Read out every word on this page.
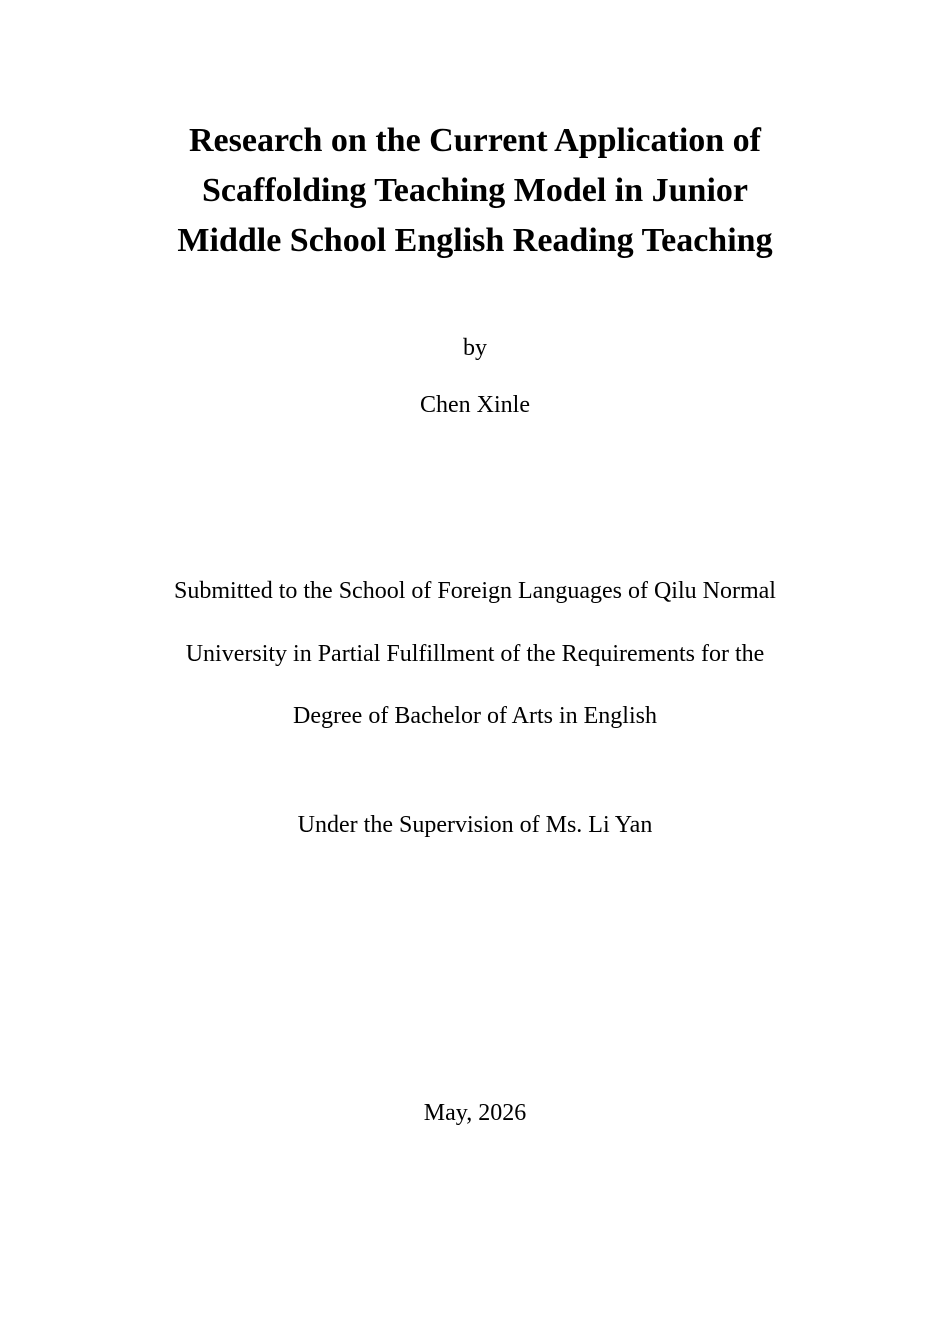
Research on the Current Application of
Scaffolding Teaching Model in Junior
Middle School English Reading Teaching

by

Chen Xinle

Submitted to the School of Foreign Languages of Qilu Normal
University in Partial Fulfillment of the Requirements for the
Degree of Bachelor of Arts in English

Under the Supervision of Ms. Li Yan

May, 2026
